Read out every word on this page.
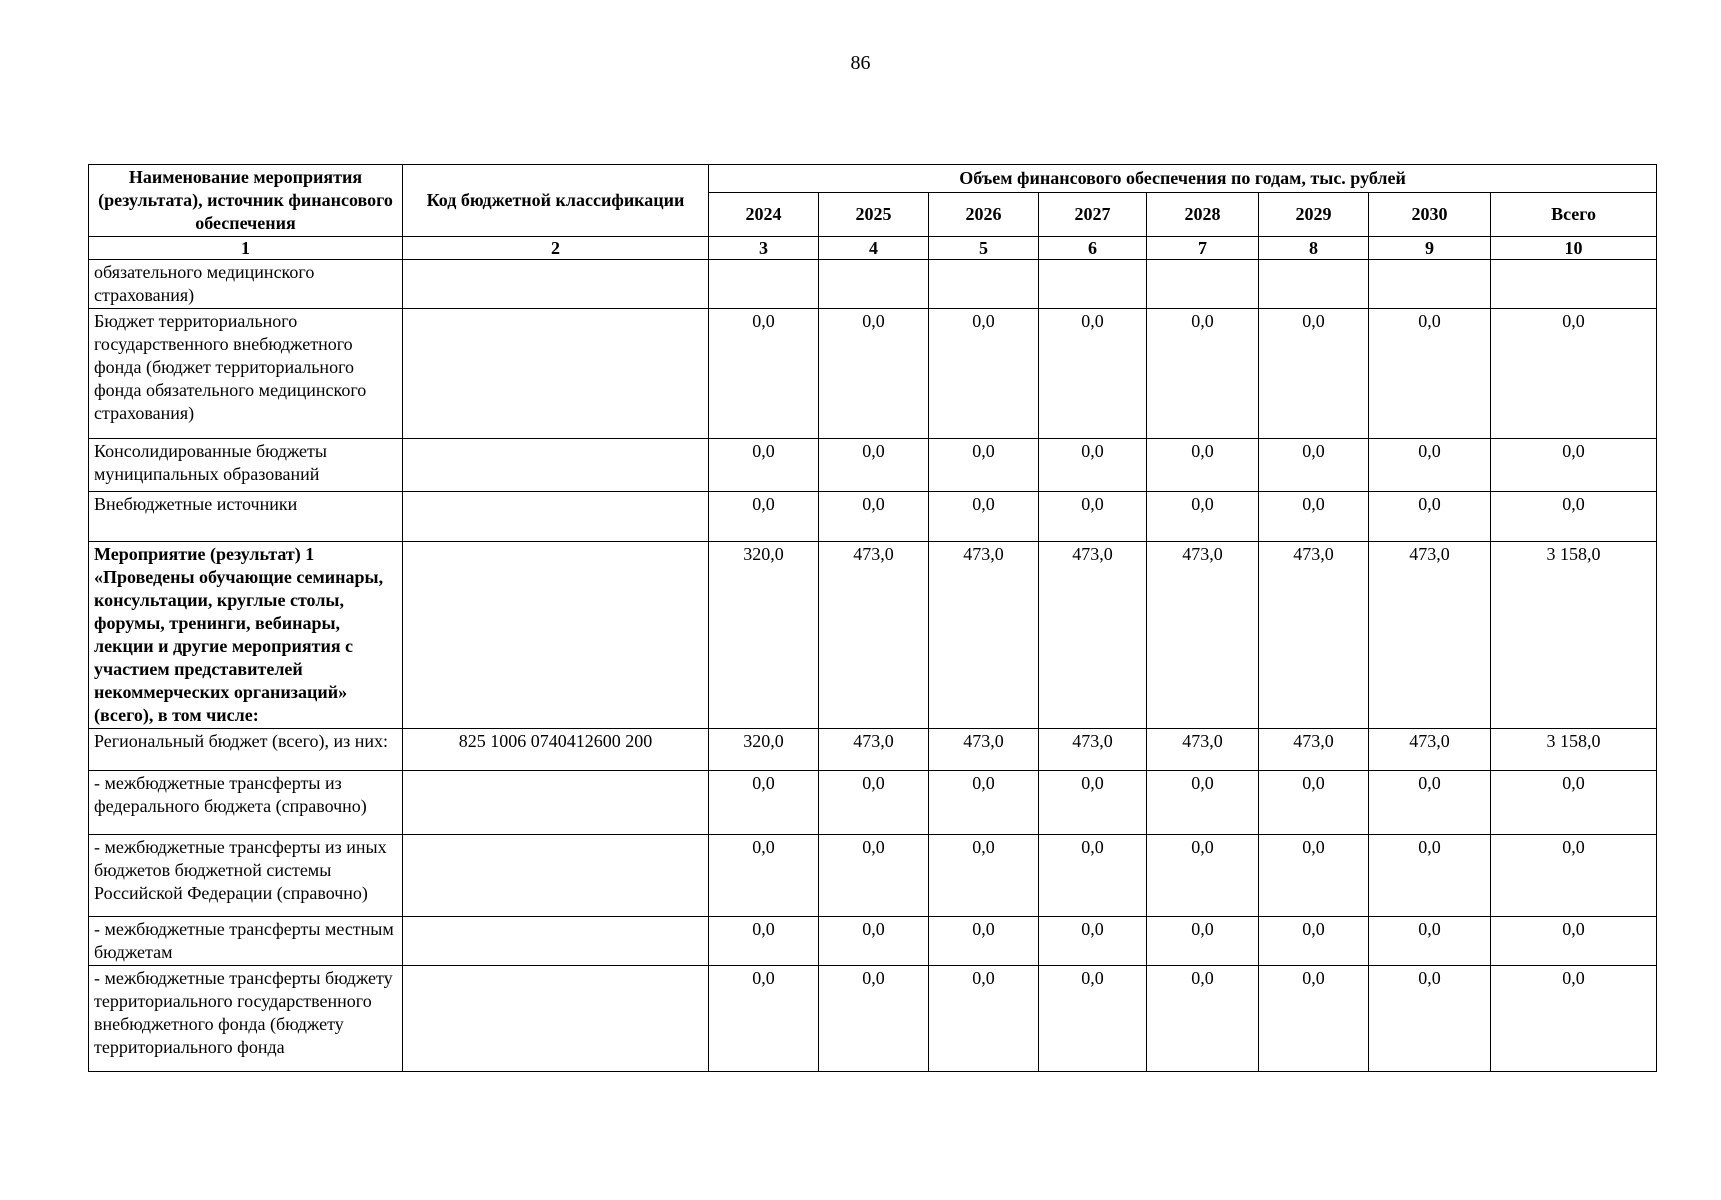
86
Наименование мероприятия (результата), источник финансового обеспечения	Код бюджетной классификации	Объем финансового обеспечения по годам, тыс. рублей							
		2024	2025	2026	2027	2028	2029	2030	Всего
1	2	3	4	5	6	7	8	9	10
обязательного медицинского страхования)									
Бюджет территориального государственного внебюджетного фонда (бюджет территориального фонда обязательного медицинского страхования)		0,0	0,0	0,0	0,0	0,0	0,0	0,0	0,0
Консолидированные бюджеты муниципальных образований		0,0	0,0	0,0	0,0	0,0	0,0	0,0	0,0
Внебюджетные источники		0,0	0,0	0,0	0,0	0,0	0,0	0,0	0,0
Мероприятие (результат) 1 «Проведены обучающие семинары, консультации, круглые столы, форумы, тренинги, вебинары, лекции и другие мероприятия с участием представителей некоммерческих организаций» (всего), в том числе:		320,0	473,0	473,0	473,0	473,0	473,0	473,0	3 158,0
Региональный бюджет (всего), из них:	825 1006 0740412600 200	320,0	473,0	473,0	473,0	473,0	473,0	473,0	3 158,0
- межбюджетные трансферты из федерального бюджета (справочно)		0,0	0,0	0,0	0,0	0,0	0,0	0,0	0,0
- межбюджетные трансферты из иных бюджетов бюджетной системы Российской Федерации (справочно)		0,0	0,0	0,0	0,0	0,0	0,0	0,0	0,0
- межбюджетные трансферты местным бюджетам		0,0	0,0	0,0	0,0	0,0	0,0	0,0	0,0
- межбюджетные трансферты бюджету территориального государственного внебюджетного фонда (бюджету территориального фонда		0,0	0,0	0,0	0,0	0,0	0,0	0,0	0,0
